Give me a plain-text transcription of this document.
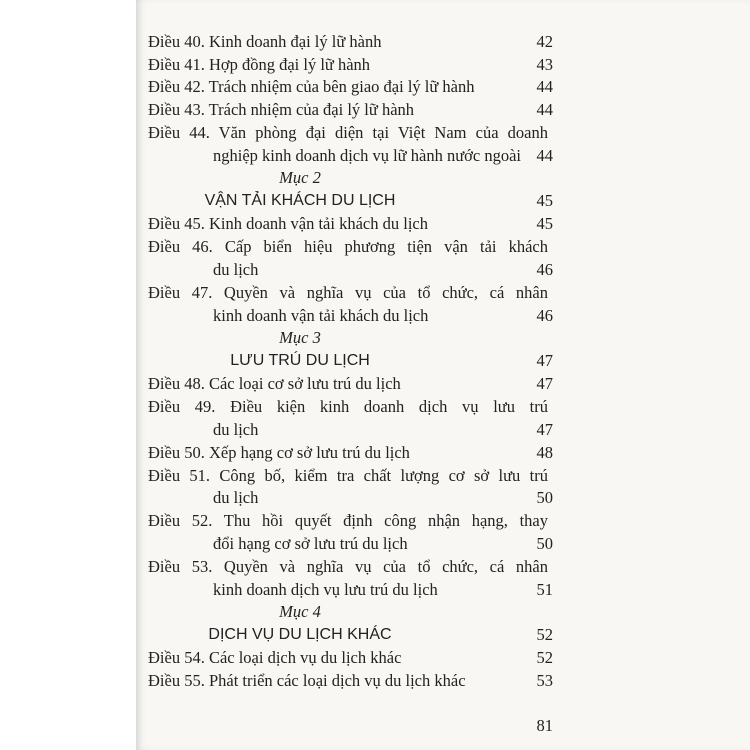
Điều 40. Kinh doanh đại lý lữ hành	42
Điều 41. Hợp đồng đại lý lữ hành	43
Điều 42. Trách nhiệm của bên giao đại lý lữ hành	44
Điều 43. Trách nhiệm của đại lý lữ hành	44
Điều 44. Văn phòng đại diện tại Việt Nam của doanh
nghiệp kinh doanh dịch vụ lữ hành nước ngoài 44
Mục 2
VẬN TẢI KHÁCH DU LỊCH	45
Điều 45. Kinh doanh vận tải khách du lịch	45
Điều 46. Cấp biển hiệu phương tiện vận tải khách
du lịch	46
Điều 47. Quyền và nghĩa vụ của tổ chức, cá nhân
kinh doanh vận tải khách du lịch	46
Mục 3
LƯU TRÚ DU LỊCH	47
Điều 48. Các loại cơ sở lưu trú du lịch	47
Điều 49. Điều kiện kinh doanh dịch vụ lưu trú
du lịch	47
Điều 50. Xếp hạng cơ sở lưu trú du lịch	48
Điều 51. Công bố, kiểm tra chất lượng cơ sở lưu trú
du lịch	50
Điều 52. Thu hồi quyết định công nhận hạng, thay
đổi hạng cơ sở lưu trú du lịch	50
Điều 53. Quyền và nghĩa vụ của tổ chức, cá nhân
kinh doanh dịch vụ lưu trú du lịch	51
Mục 4
DỊCH VỤ DU LỊCH KHÁC	52
Điều 54. Các loại dịch vụ du lịch khác	52
Điều 55. Phát triển các loại dịch vụ du lịch khác	53
81
